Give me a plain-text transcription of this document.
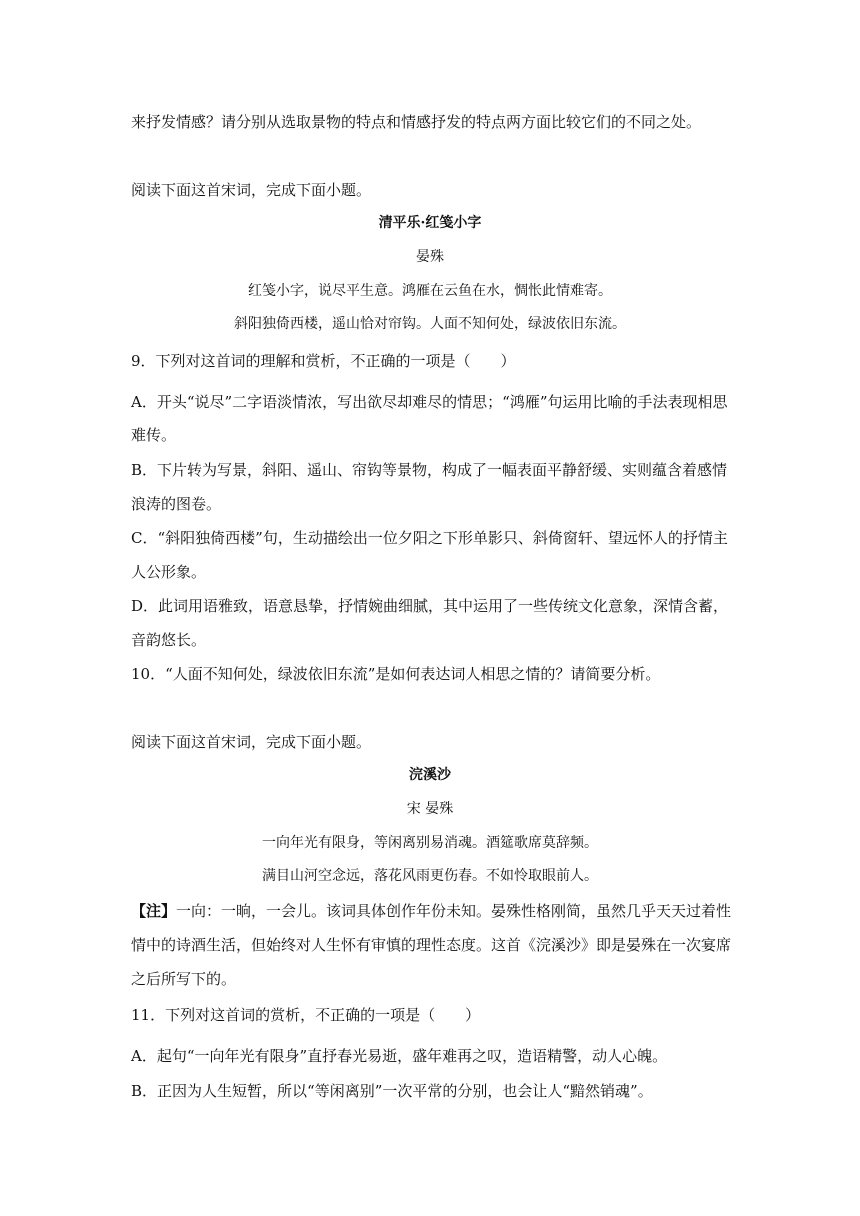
来抒发情感？请分别从选取景物的特点和情感抒发的特点两方面比较它们的不同之处。
阅读下面这首宋词，完成下面小题。
清平乐·红笺小字
晏殊
红笺小字，说尽平生意。鸿雁在云鱼在水，惆怅此情难寄。
斜阳独倚西楼，遥山恰对帘钩。人面不知何处，绿波依旧东流。
9．下列对这首词的理解和赏析，不正确的一项是（　　）
A．开头“说尽”二字语淡情浓，写出欲尽却难尽的情思；“鸿雁”句运用比喻的手法表现相思
难传。
B．下片转为写景，斜阳、遥山、帘钩等景物，构成了一幅表面平静舒缓、实则蕴含着感情
浪涛的图卷。
C．“斜阳独倚西楼”句，生动描绘出一位夕阳之下形单影只、斜倚窗轩、望远怀人的抒情主
人公形象。
D．此词用语雅致，语意恳挚，抒情婉曲细腻，其中运用了一些传统文化意象，深情含蓄，
音韵悠长。
10．“人面不知何处，绿波依旧东流”是如何表达词人相思之情的？请简要分析。
阅读下面这首宋词，完成下面小题。
浣溪沙
宋 晏殊
一向年光有限身，等闲离别易消魂。酒筵歌席莫辞频。
满目山河空念远，落花风雨更伤春。不如怜取眼前人。
【注】一向：一晌，一会儿。该词具体创作年份未知。晏殊性格刚简，虽然几乎天天过着性
情中的诗酒生活，但始终对人生怀有审慎的理性态度。这首《浣溪沙》即是晏殊在一次宴席
之后所写下的。
11．下列对这首词的赏析，不正确的一项是（　　）
A．起句“一向年光有限身”直抒春光易逝，盛年难再之叹，造语精警，动人心魄。
B．正因为人生短暂，所以“等闲离别”一次平常的分别，也会让人“黯然销魂”。
